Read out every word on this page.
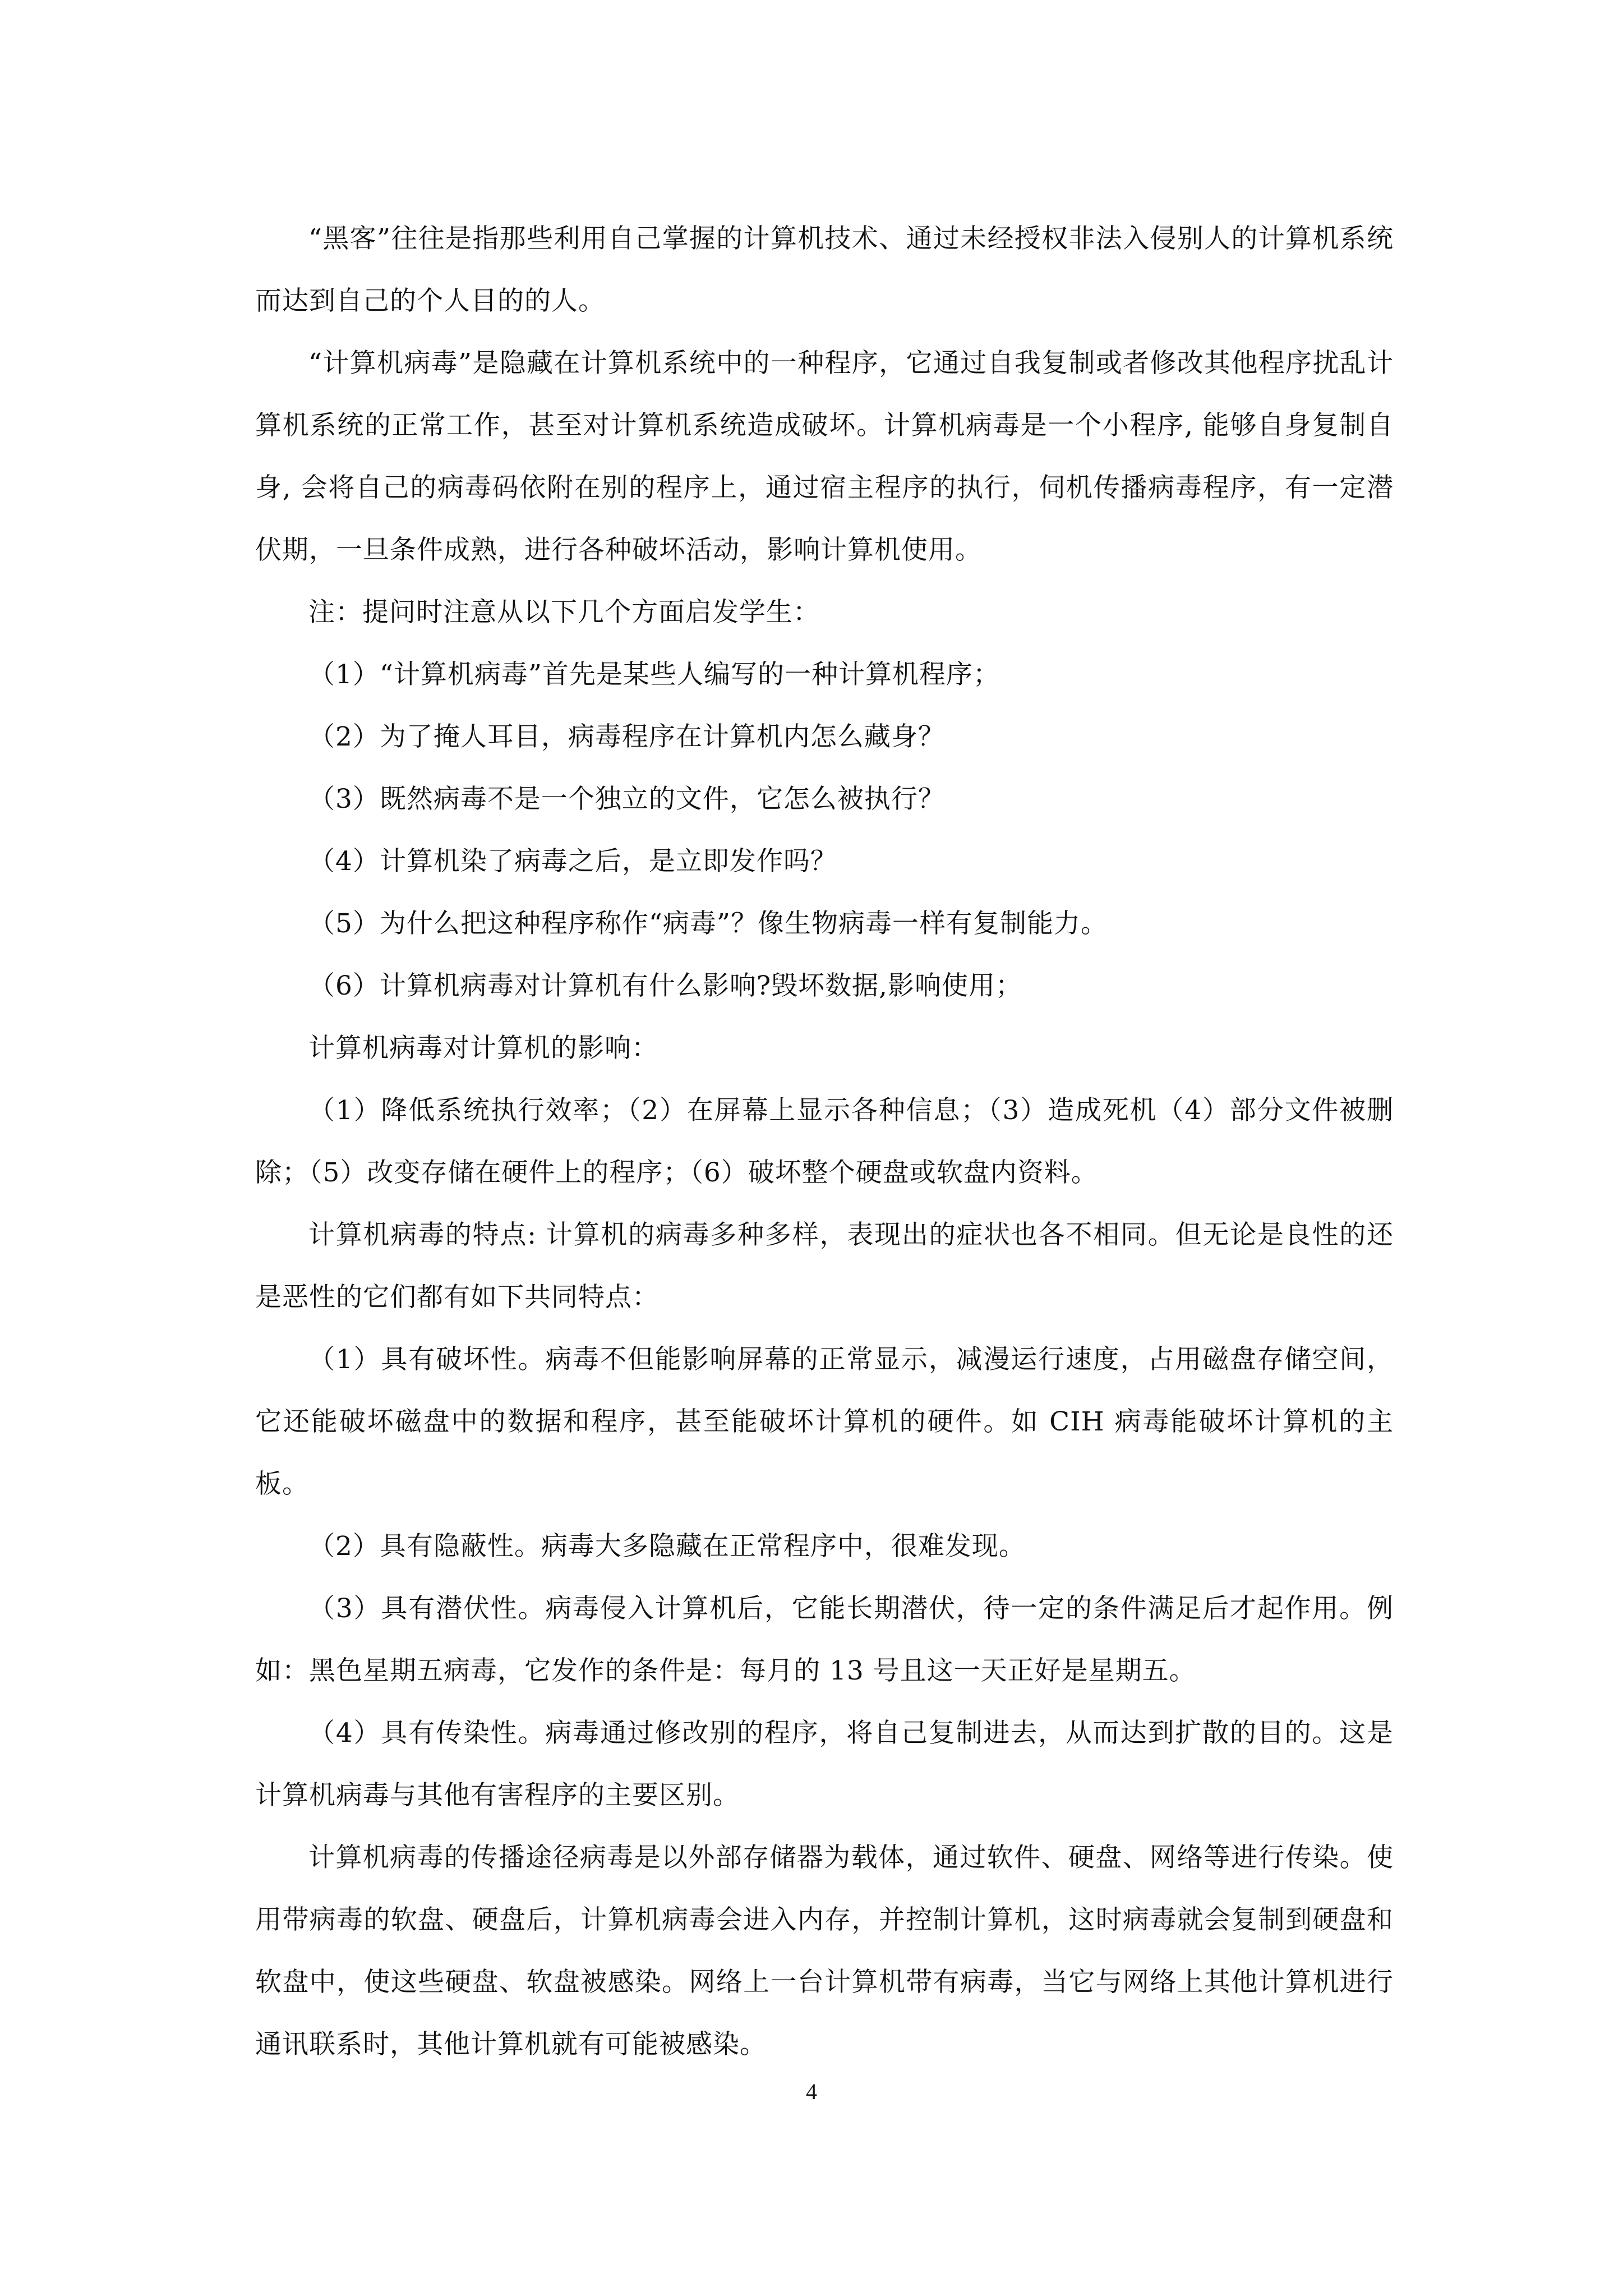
“黑客”往往是指那些利用自己掌握的计算机技术、通过未经授权非法入侵别人的计算机系统而达到自己的个人目的的人。

“计算机病毒”是隐藏在计算机系统中的一种程序，它通过自我复制或者修改其他程序扰乱计算机系统的正常工作，甚至对计算机系统造成破坏。计算机病毒是一个小程序, 能够自身复制自身, 会将自己的病毒码依附在别的程序上，通过宿主程序的执行，伺机传播病毒程序，有一定潜伏期，一旦条件成熟，进行各种破坏活动，影响计算机使用。

注：提问时注意从以下几个方面启发学生：

（1）“计算机病毒”首先是某些人编写的一种计算机程序；

（2）为了掩人耳目，病毒程序在计算机内怎么藏身？

（3）既然病毒不是一个独立的文件，它怎么被执行？

（4）计算机染了病毒之后，是立即发作吗？

（5）为什么把这种程序称作“病毒”？像生物病毒一样有复制能力。

（6）计算机病毒对计算机有什么影响?毁坏数据,影响使用；

计算机病毒对计算机的影响：

（1）降低系统执行效率；（2）在屏幕上显示各种信息；（3）造成死机（4）部分文件被删除；（5）改变存储在硬件上的程序；（6）破坏整个硬盘或软盘内资料。

计算机病毒的特点: 计算机的病毒多种多样，表现出的症状也各不相同。但无论是良性的还是恶性的它们都有如下共同特点：

（1）具有破坏性。病毒不但能影响屏幕的正常显示，减漫运行速度，占用磁盘存储空间，它还能破坏磁盘中的数据和程序，甚至能破坏计算机的硬件。如 CIH 病毒能破坏计算机的主板。

（2）具有隐蔽性。病毒大多隐藏在正常程序中，很难发现。

（3）具有潜伏性。病毒侵入计算机后，它能长期潜伏，待一定的条件满足后才起作用。例如：黑色星期五病毒，它发作的条件是：每月的 13 号且这一天正好是星期五。

（4）具有传染性。病毒通过修改别的程序，将自己复制进去，从而达到扩散的目的。这是计算机病毒与其他有害程序的主要区别。

计算机病毒的传播途径病毒是以外部存储器为载体，通过软件、硬盘、网络等进行传染。使用带病毒的软盘、硬盘后，计算机病毒会进入内存，并控制计算机，这时病毒就会复制到硬盘和软盘中，使这些硬盘、软盘被感染。网络上一台计算机带有病毒，当它与网络上其他计算机进行通讯联系时，其他计算机就有可能被感染。

4
